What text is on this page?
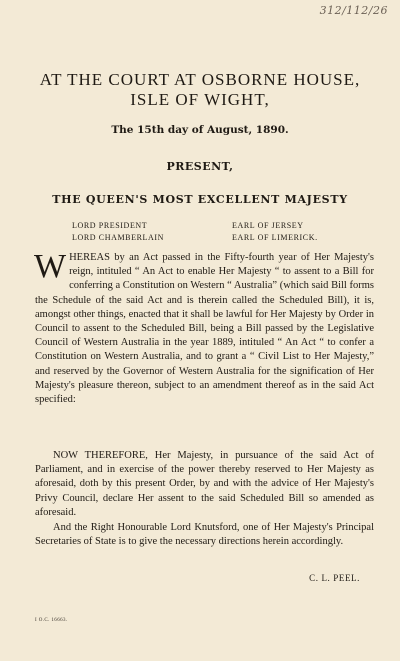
312/112/26
AT THE COURT AT OSBORNE HOUSE,
ISLE OF WIGHT,
The 15th day of August, 1890.
PRESENT,
THE QUEEN'S MOST EXCELLENT MAJESTY
LORD PRESIDENT	EARL OF JERSEY
LORD CHAMBERLAIN	EARL OF LIMERICK.

WHEREAS by an Act passed in the Fifty-fourth year of Her Majesty's reign, intituled “ An Act to enable Her Majesty “ to assent to a Bill for conferring a Constitution on Western “ Australia” (which said Bill forms the Schedule of the said Act and is therein called the Scheduled Bill), it is, amongst other things, enacted that it shall be lawful for Her Majesty by Order in Council to assent to the Scheduled Bill, being a Bill passed by the Legislative Council of Western Australia in the year 1889, intituled “ An Act “ to confer a Constitution on Western Australia, and to grant a “ Civil List to Her Majesty,” and reserved by the Governor of Western Australia for the signification of Her Majesty's pleasure thereon, subject to an amendment thereof as in the said Act specified:

NOW THEREFORE, Her Majesty, in pursuance of the said Act of Parliament, and in exercise of the power thereby reserved to Her Majesty as aforesaid, doth by this present Order, by and with the advice of Her Majesty's Privy Council, declare Her assent to the said Scheduled Bill so amended as aforesaid.

And the Right Honourable Lord Knutsford, one of Her Majesty's Principal Secretaries of State is to give the necessary directions herein accordingly.

C. L. PEEL.
I O.C. 16663.
